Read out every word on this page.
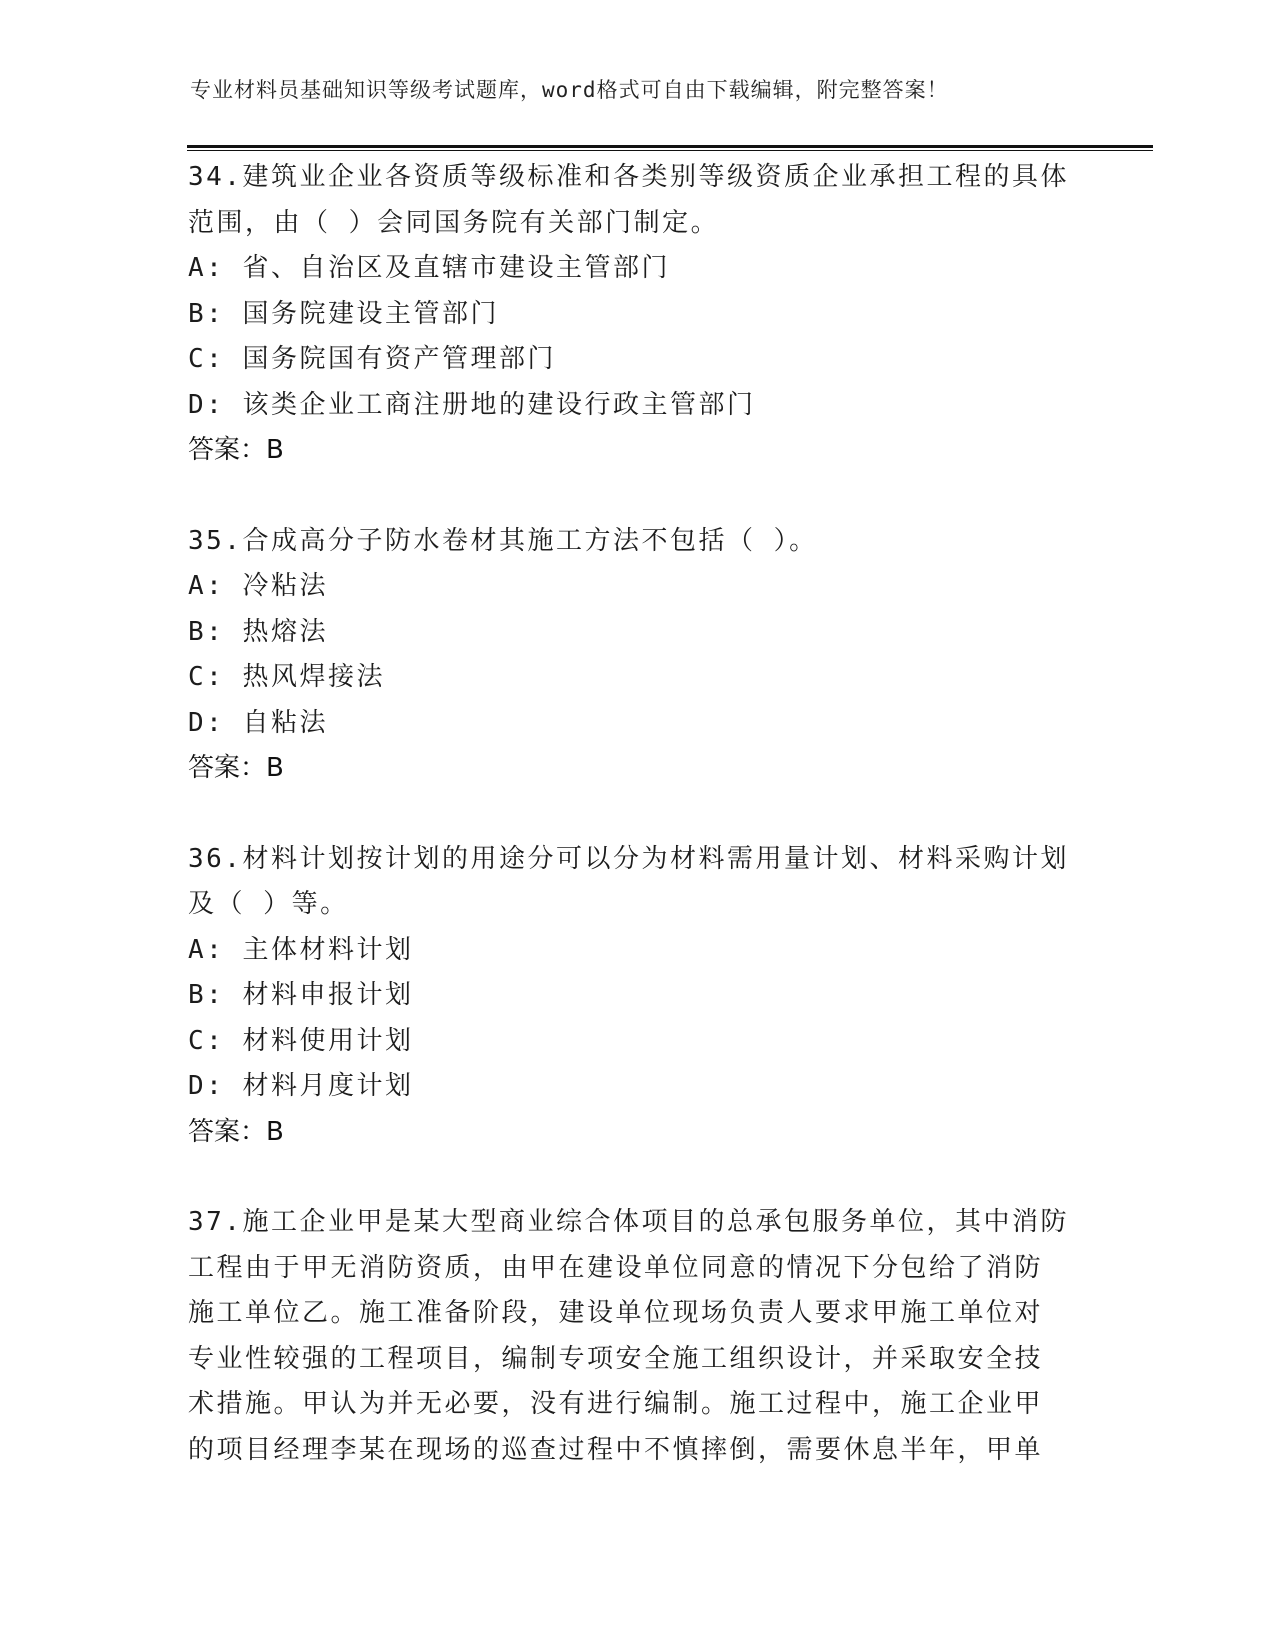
专业材料员基础知识等级考试题库，word格式可自由下载编辑，附完整答案！

34.建筑业企业各资质等级标准和各类别等级资质企业承担工程的具体

范围，由（ ）会同国务院有关部门制定。

A: 省、自治区及直辖市建设主管部门

B: 国务院建设主管部门

C: 国务院国有资产管理部门

D: 该类企业工商注册地的建设行政主管部门

答案：B

35.合成高分子防水卷材其施工方法不包括（ ）。

A: 冷粘法

B: 热熔法

C: 热风焊接法

D: 自粘法

答案：B

36.材料计划按计划的用途分可以分为材料需用量计划、材料采购计划

及（ ）等。

A: 主体材料计划

B: 材料申报计划

C: 材料使用计划

D: 材料月度计划

答案：B

37.施工企业甲是某大型商业综合体项目的总承包服务单位，其中消防

工程由于甲无消防资质，由甲在建设单位同意的情况下分包给了消防

施工单位乙。施工准备阶段，建设单位现场负责人要求甲施工单位对

专业性较强的工程项目，编制专项安全施工组织设计，并采取安全技

术措施。甲认为并无必要，没有进行编制。施工过程中，施工企业甲

的项目经理李某在现场的巡查过程中不慎摔倒，需要休息半年，甲单
